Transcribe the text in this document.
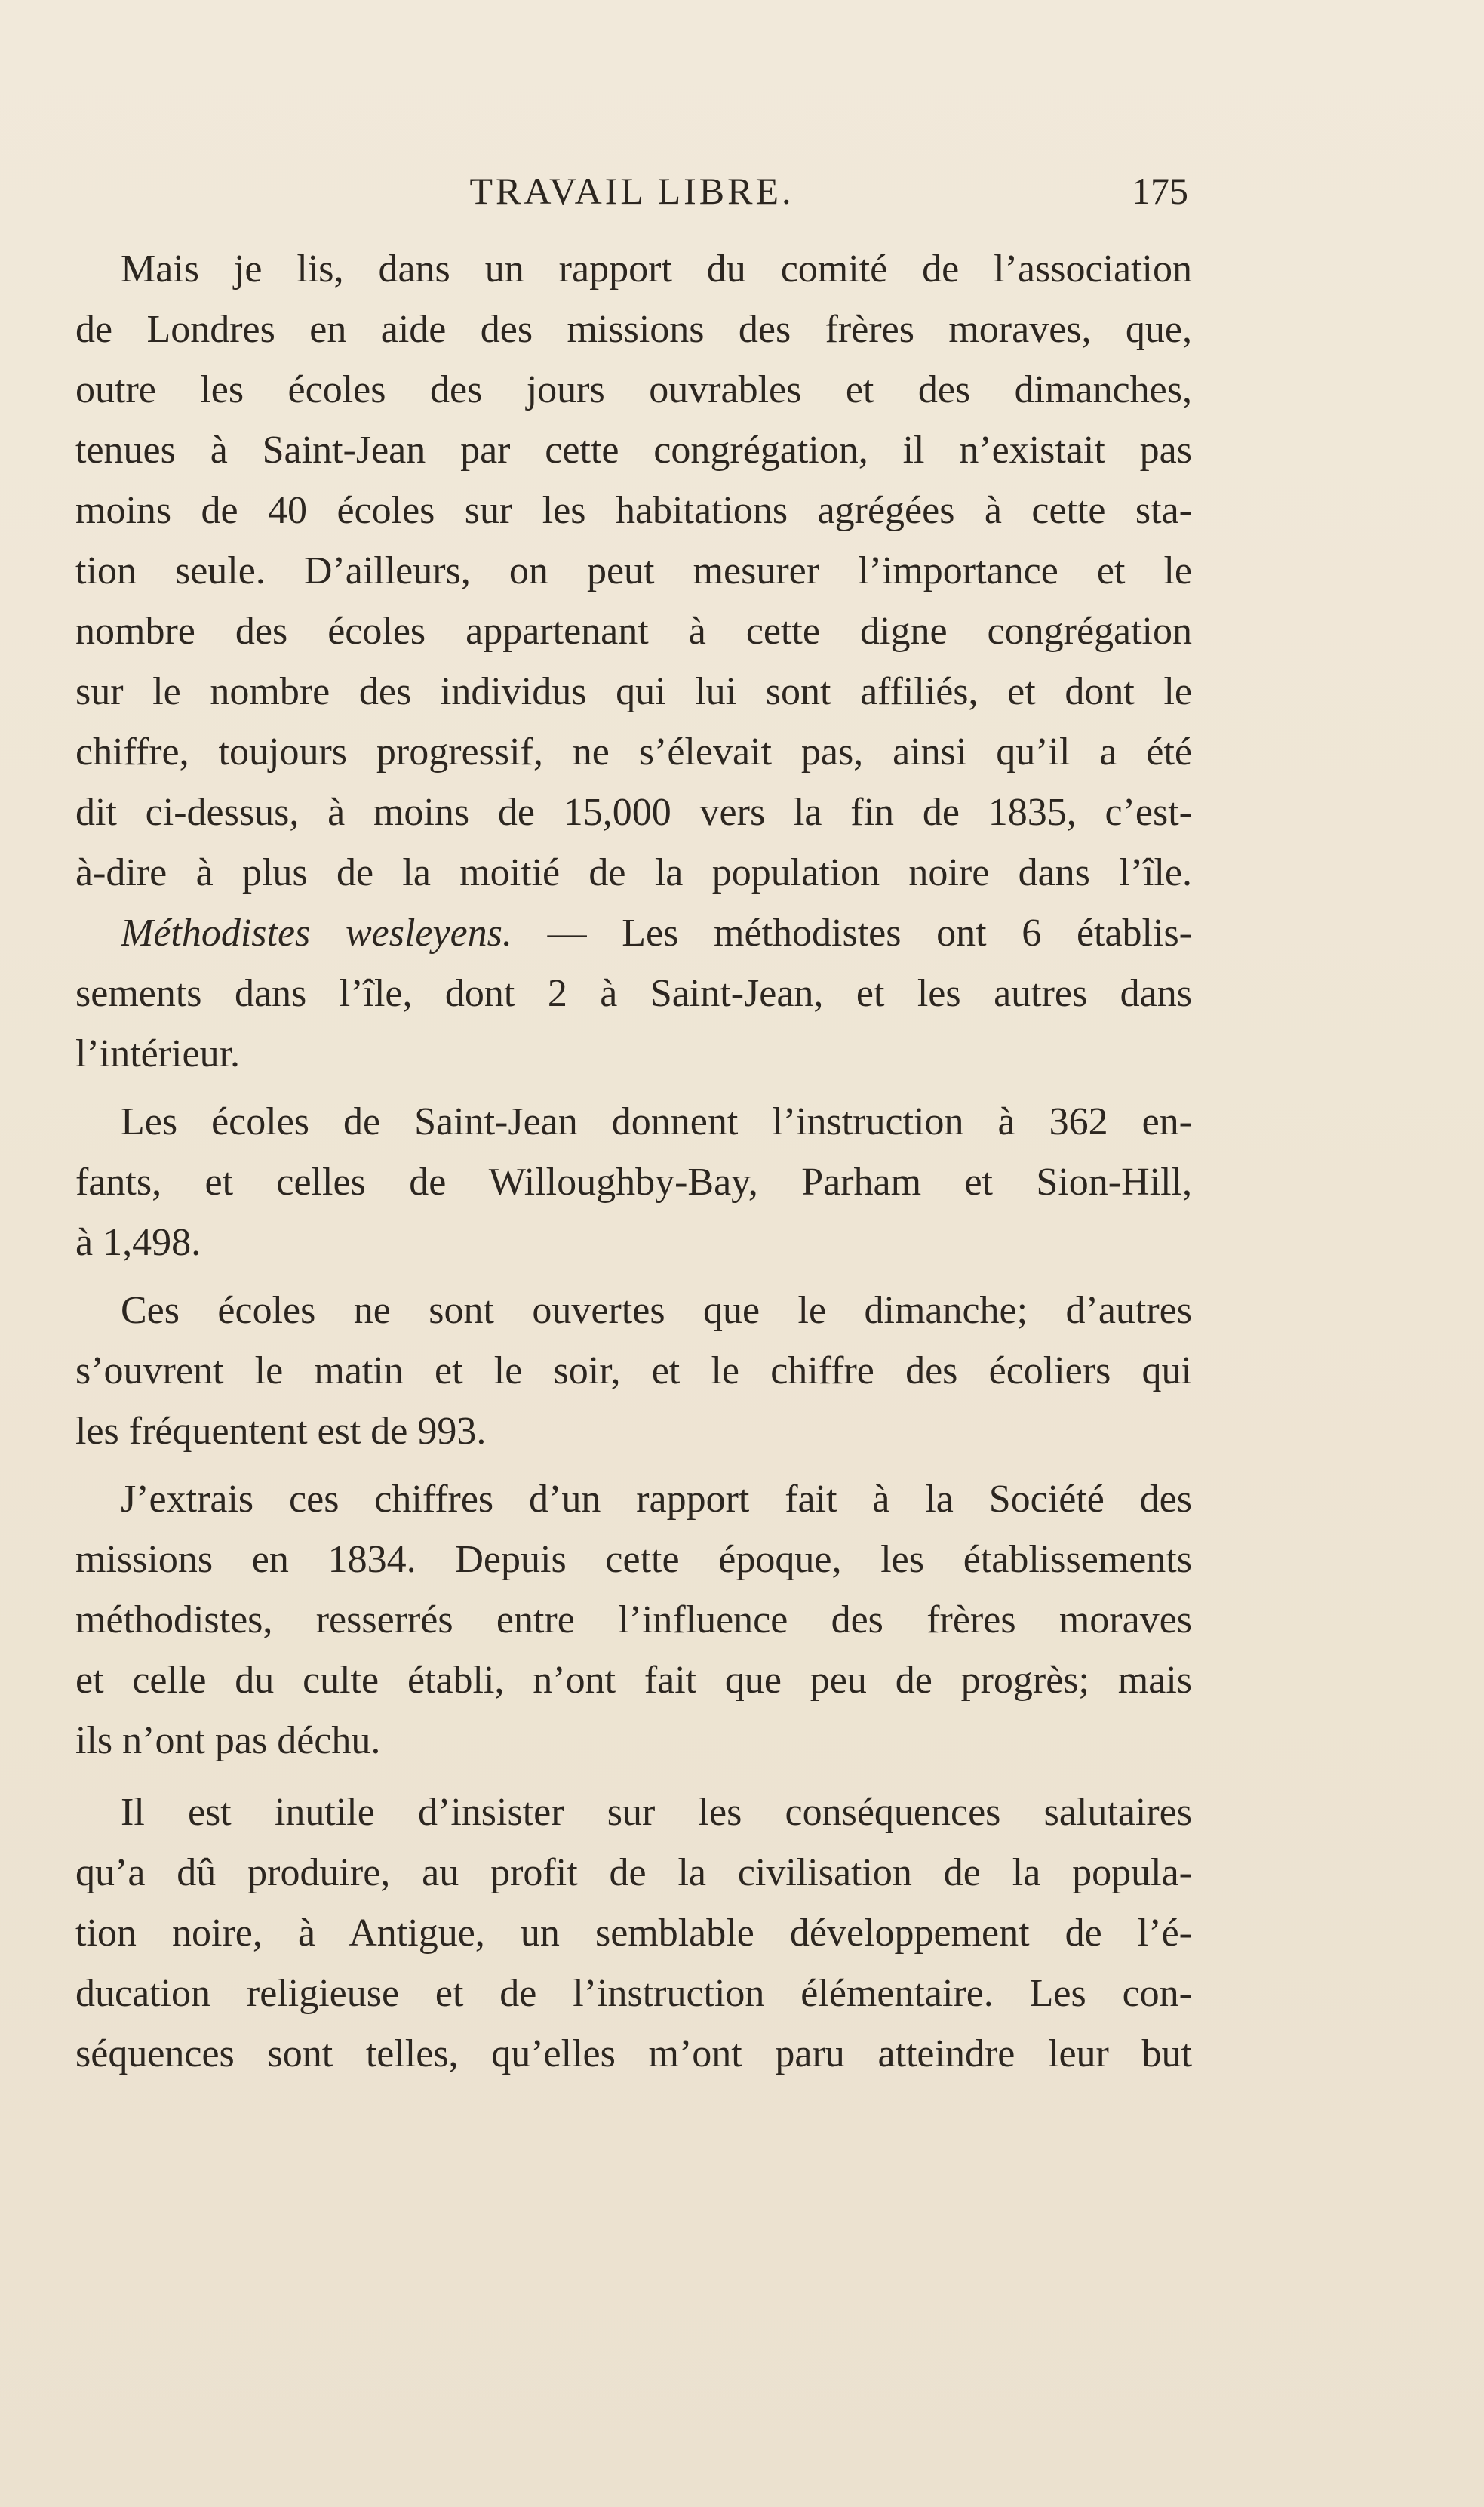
TRAVAIL LIBRE.	175
Mais je lis, dans un rapport du comité de l’association
de Londres en aide des missions des frères moraves, que,
outre les écoles des jours ouvrables et des dimanches,
tenues à Saint-Jean par cette congrégation, il n’existait pas
moins de 40 écoles sur les habitations agrégées à cette sta-
tion seule. D’ailleurs, on peut mesurer l’importance et le
nombre des écoles appartenant à cette digne congrégation
sur le nombre des individus qui lui sont affiliés, et dont le
chiffre, toujours progressif, ne s’élevait pas, ainsi qu’il a été
dit ci-dessus, à moins de 15,000 vers la fin de 1835, c’est-
à-dire à plus de la moitié de la population noire dans l’île.
Méthodistes wesleyens. — Les méthodistes ont 6 établis-
sements dans l’île, dont 2 à Saint-Jean, et les autres dans
l’intérieur.
Les écoles de Saint-Jean donnent l’instruction à 362 en-
fants, et celles de Willoughby-Bay, Parham et Sion-Hill,
à 1,498.
Ces écoles ne sont ouvertes que le dimanche; d’autres
s’ouvrent le matin et le soir, et le chiffre des écoliers qui
les fréquentent est de 993.
J’extrais ces chiffres d’un rapport fait à la Société des
missions en 1834. Depuis cette époque, les établissements
méthodistes, resserrés entre l’influence des frères moraves
et celle du culte établi, n’ont fait que peu de progrès; mais
ils n’ont pas déchu.
Il est inutile d’insister sur les conséquences salutaires
qu’a dû produire, au profit de la civilisation de la popula-
tion noire, à Antigue, un semblable développement de l’é-
ducation religieuse et de l’instruction élémentaire. Les con-
séquences sont telles, qu’elles m’ont paru atteindre leur but
